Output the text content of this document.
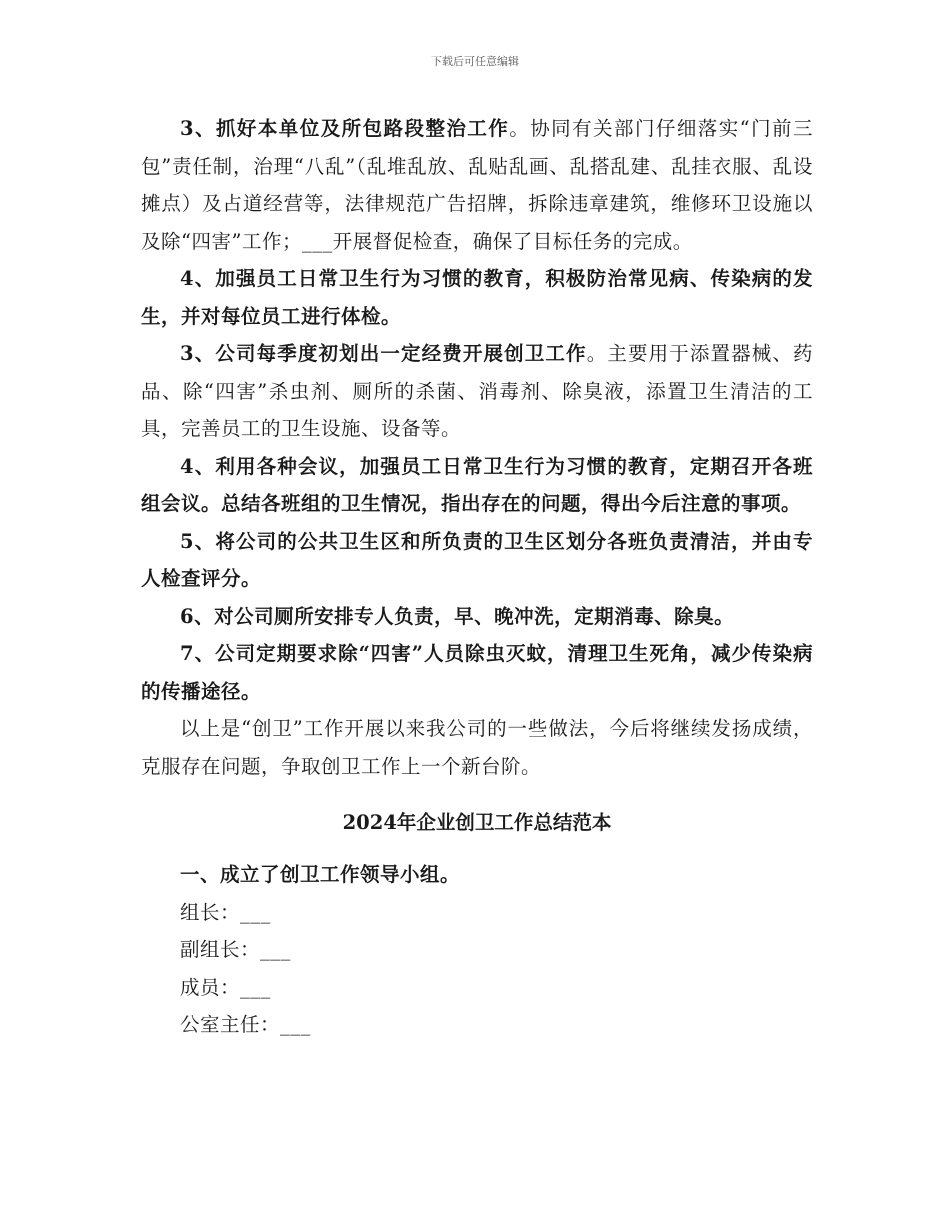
下载后可任意编辑

3、抓好本单位及所包路段整治工作。协同有关部门仔细落实“门前三包”责任制，治理“八乱”（乱堆乱放、乱贴乱画、乱搭乱建、乱挂衣服、乱设摊点）及占道经营等，法律规范广告招牌，拆除违章建筑，维修环卫设施以及除“四害”工作；___开展督促检查，确保了目标任务的完成。

4、加强员工日常卫生行为习惯的教育，积极防治常见病、传染病的发生，并对每位员工进行体检。

3、公司每季度初划出一定经费开展创卫工作。主要用于添置器械、药品、除“四害”杀虫剂、厕所的杀菌、消毒剂、除臭液，添置卫生清洁的工具，完善员工的卫生设施、设备等。

4、利用各种会议，加强员工日常卫生行为习惯的教育，定期召开各班组会议。总结各班组的卫生情况，指出存在的问题，得出今后注意的事项。

5、将公司的公共卫生区和所负责的卫生区划分各班负责清洁，并由专人检查评分。

6、对公司厕所安排专人负责，早、晚冲洗，定期消毒、除臭。

7、公司定期要求除“四害”人员除虫灭蚊，清理卫生死角，减少传染病的传播途径。

以上是“创卫”工作开展以来我公司的一些做法，今后将继续发扬成绩，克服存在问题，争取创卫工作上一个新台阶。

2024年企业创卫工作总结范本

一、成立了创卫工作领导小组。

组长：___

副组长：___

成员：___

公室主任：___
